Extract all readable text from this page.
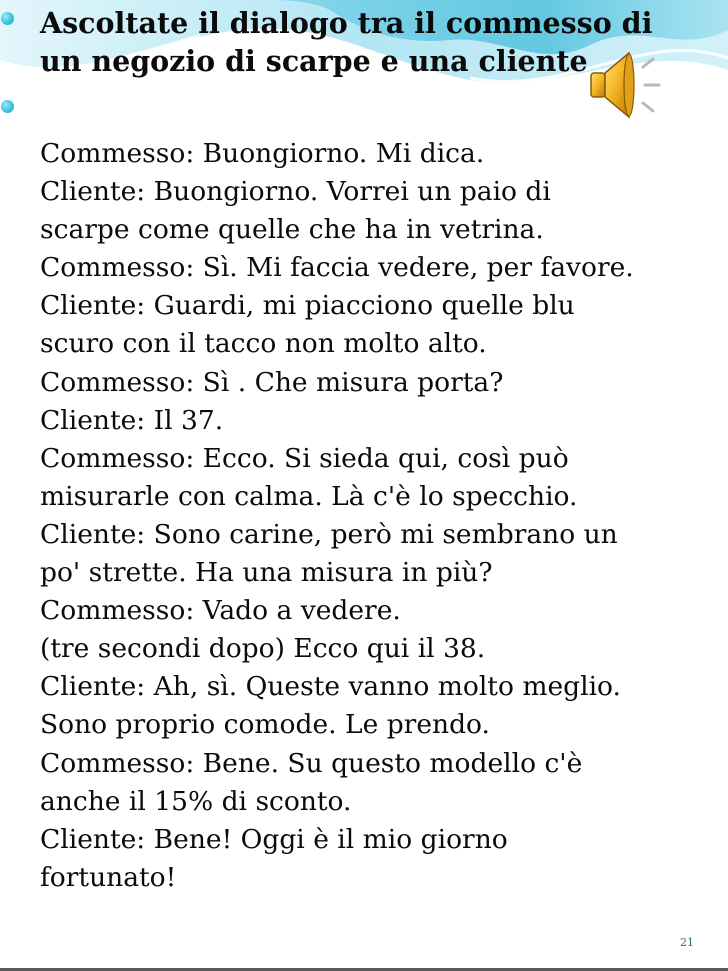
Ascoltate il dialogo tra il commesso di un negozio di scarpe e una cliente
Commesso: Buongiorno. Mi dica.
Cliente: Buongiorno. Vorrei un paio di
scarpe come quelle che ha in vetrina.
Commesso: Sì. Mi faccia vedere, per favore.
Cliente: Guardi, mi piacciono quelle blu
scuro con il tacco non molto alto.
Commesso: Sì . Che misura porta?
Cliente: Il 37.
Commesso: Ecco. Si sieda qui, così può
misurarle con calma. Là c'è lo specchio.
Cliente: Sono carine, però mi sembrano un
po' strette. Ha una misura in più?
Commesso: Vado a vedere.
(tre secondi dopo) Ecco qui il 38.
Cliente: Ah, sì. Queste vanno molto meglio.
Sono proprio comode. Le prendo.
Commesso: Bene. Su questo modello c'è
anche il 15% di sconto.
Cliente: Bene! Oggi è il mio giorno
fortunato!
21
